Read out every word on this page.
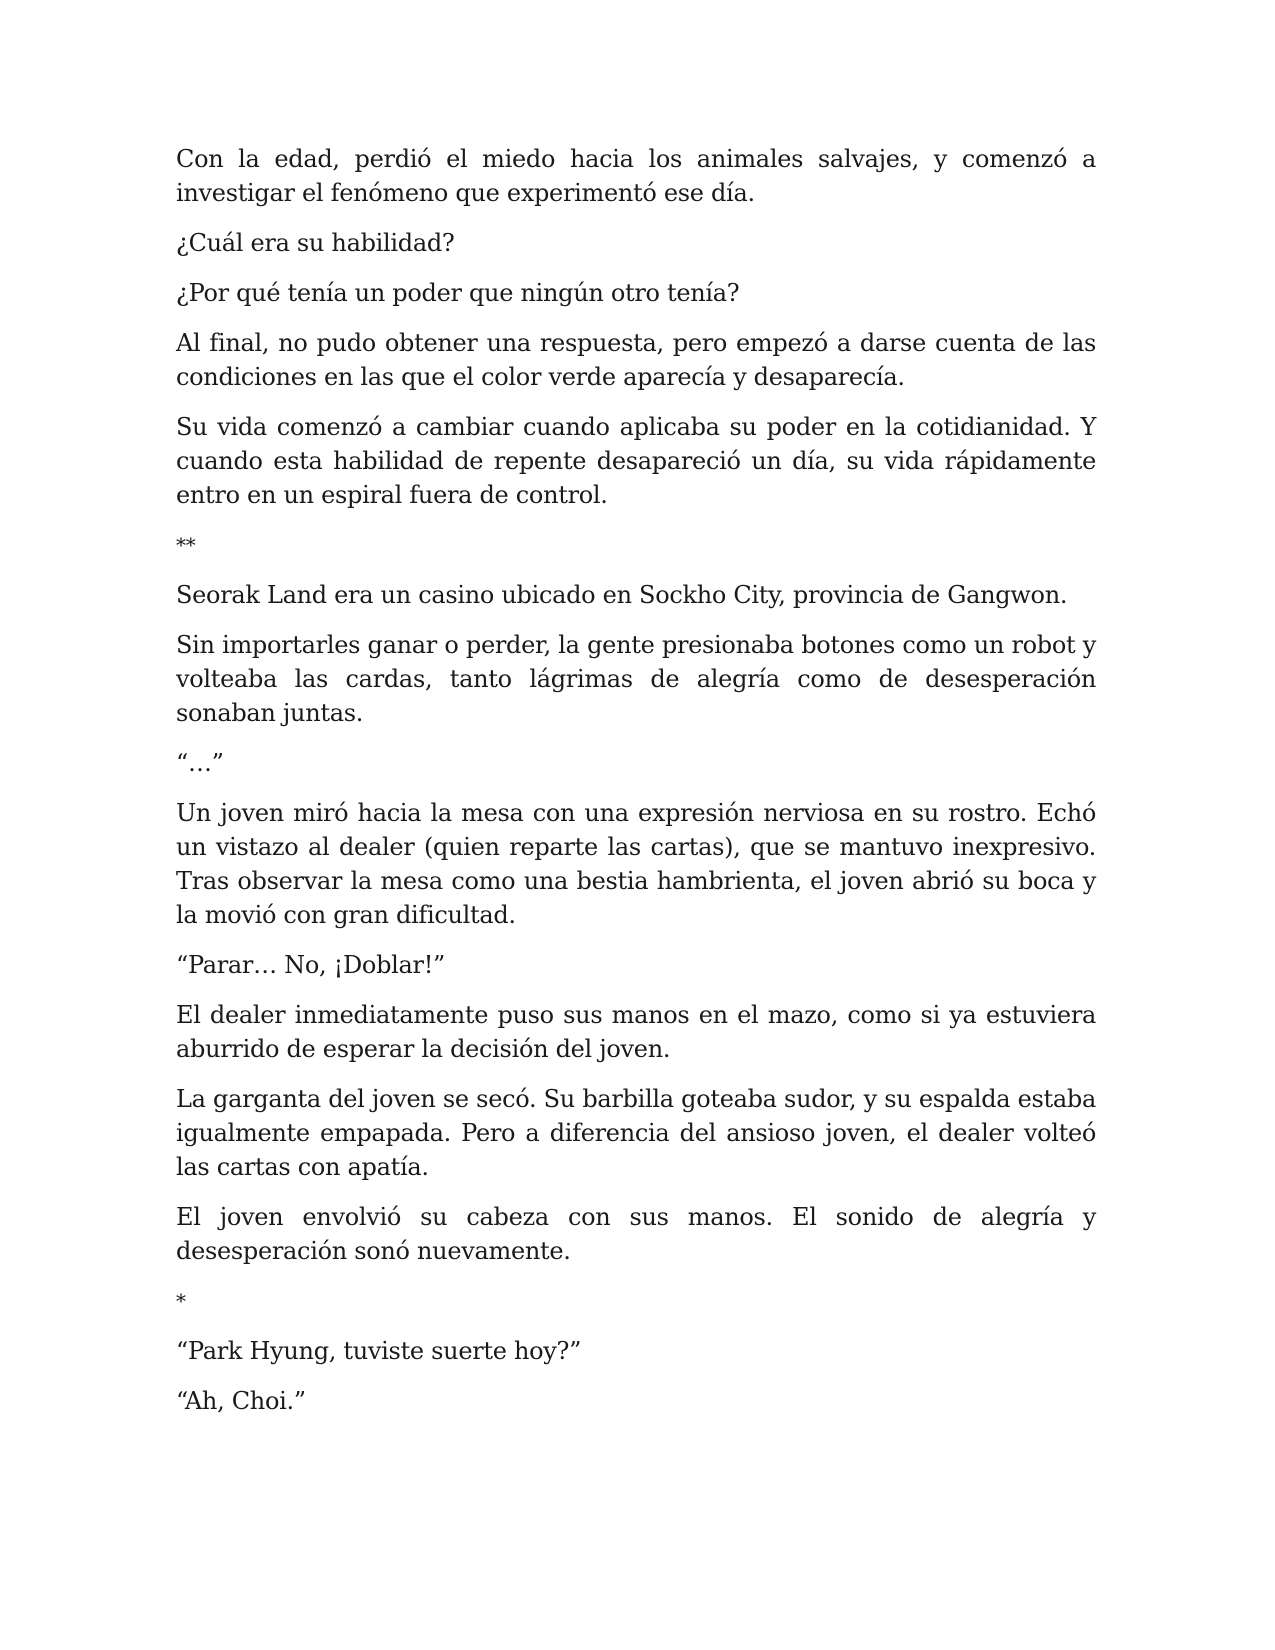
Con la edad, perdió el miedo hacia los animales salvajes, y comenzó a investigar el fenómeno que experimentó ese día.

¿Cuál era su habilidad?

¿Por qué tenía un poder que ningún otro tenía?

Al final, no pudo obtener una respuesta, pero empezó a darse cuenta de las condiciones en las que el color verde aparecía y desaparecía.

Su vida comenzó a cambiar cuando aplicaba su poder en la cotidianidad. Y cuando esta habilidad de repente desapareció un día, su vida rápidamente entro en un espiral fuera de control.

**

Seorak Land era un casino ubicado en Sockho City, provincia de Gangwon.

Sin importarles ganar o perder, la gente presionaba botones como un robot y volteaba las cardas, tanto lágrimas de alegría como de desesperación sonaban juntas.

“…”

Un joven miró hacia la mesa con una expresión nerviosa en su rostro. Echó un vistazo al dealer (quien reparte las cartas), que se mantuvo inexpresivo. Tras observar la mesa como una bestia hambrienta, el joven abrió su boca y la movió con gran dificultad.

“Parar… No, ¡Doblar!”

El dealer inmediatamente puso sus manos en el mazo, como si ya estuviera aburrido de esperar la decisión del joven.

La garganta del joven se secó. Su barbilla goteaba sudor, y su espalda estaba igualmente empapada. Pero a diferencia del ansioso joven, el dealer volteó las cartas con apatía.

El joven envolvió su cabeza con sus manos. El sonido de alegría y desesperación sonó nuevamente.

*

“Park Hyung, tuviste suerte hoy?”

“Ah, Choi.”
